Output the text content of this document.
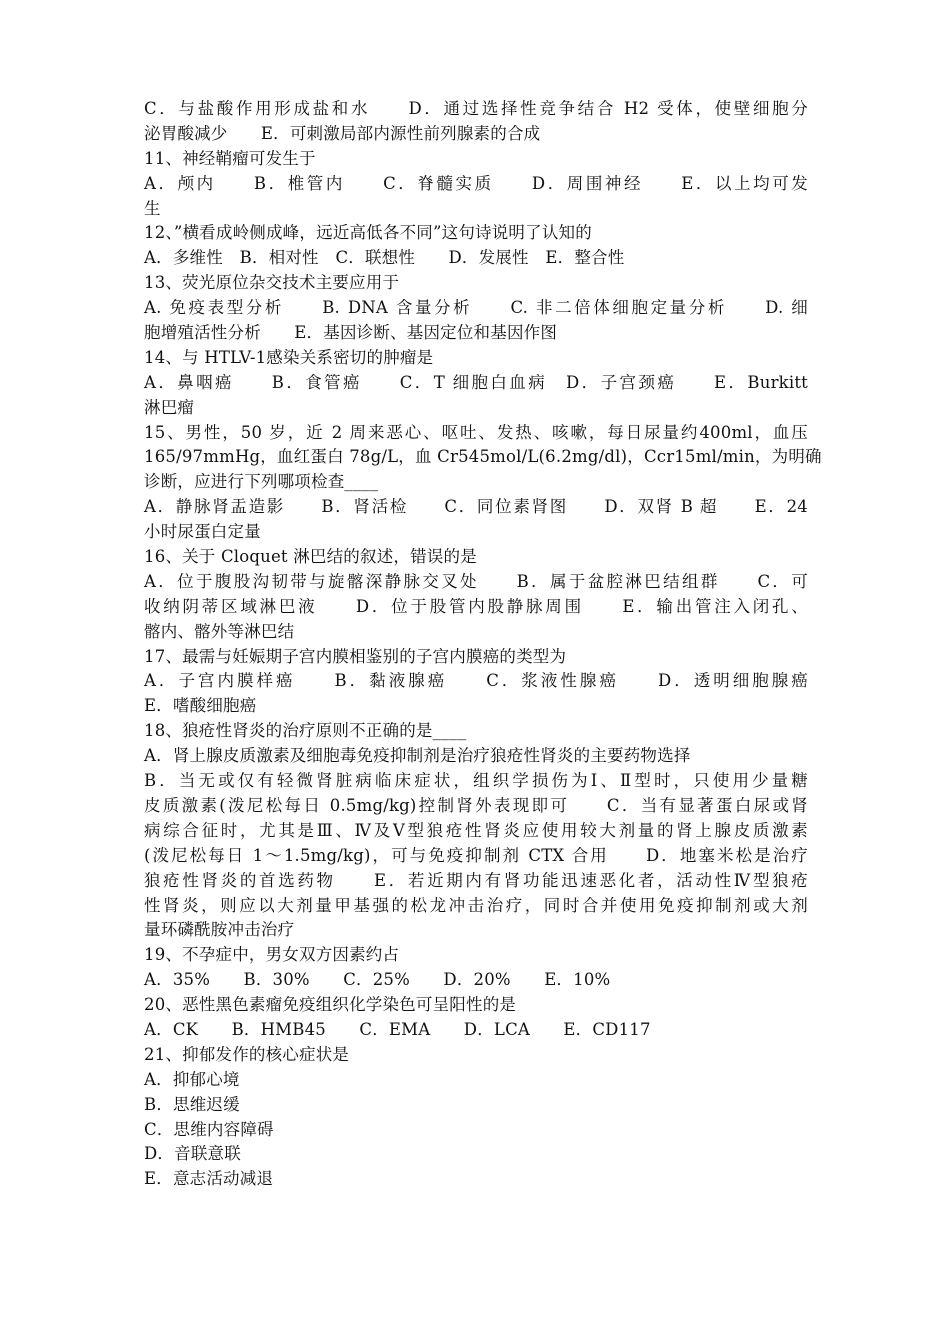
C．与盐酸作用形成盐和水　　D．通过选择性竞争结合 H2 受体，使壁细胞分
泌胃酸减少　　E．可刺激局部内源性前列腺素的合成
11、神经鞘瘤可发生于
A．颅内　　B．椎管内　　C．脊髓实质　　D．周围神经　　E．以上均可发
生
12、”横看成岭侧成峰，远近高低各不同”这句诗说明了认知的
A．多维性　B．相对性　C．联想性　　D．发展性　E．整合性
13、荧光原位杂交技术主要应用于
A. 免疫表型分析　　B. DNA 含量分析　　C. 非二倍体细胞定量分析　　D. 细
胞增殖活性分析　　E．基因诊断、基因定位和基因作图
14、与 HTLV-1感染关系密切的肿瘤是
A．鼻咽癌　　B．食管癌　　C．T 细胞白血病　D．子宫颈癌　　E．Burkitt
淋巴瘤
15、男性，50 岁，近 2 周来恶心、呕吐、发热、咳嗽，每日尿量约400ml，血压
165/97mmHg，血红蛋白 78g/L，血 Cr545mol/L(6.2mg/dl)，Ccr15ml/min，为明确
诊断，应进行下列哪项检查____
A．静脉肾盂造影　　B．肾活检　　C．同位素肾图　　D．双肾 B 超　　E．24
小时尿蛋白定量
16、关于 Cloquet 淋巴结的叙述，错误的是
A．位于腹股沟韧带与旋髂深静脉交叉处　　B．属于盆腔淋巴结组群　　C．可
收纳阴蒂区域淋巴液　　D．位于股管内股静脉周围　　E．输出管注入闭孔、
髂内、髂外等淋巴结
17、最需与妊娠期子宫内膜相鉴别的子宫内膜癌的类型为
A．子宫内膜样癌　　B．黏液腺癌　　C．浆液性腺癌　　D．透明细胞腺癌
E．嗜酸细胞癌
18、狼疮性肾炎的治疗原则不正确的是____
A．肾上腺皮质激素及细胞毒免疫抑制剂是治疗狼疮性肾炎的主要药物选择
B．当无或仅有轻微肾脏病临床症状，组织学损伤为Ⅰ、Ⅱ型时，只使用少量糖
皮质激素(泼尼松每日 0.5mg/kg)控制肾外表现即可　　C．当有显著蛋白尿或肾
病综合征时，尤其是Ⅲ、Ⅳ及Ⅴ型狼疮性肾炎应使用较大剂量的肾上腺皮质激素
(泼尼松每日 1～1.5mg/kg)，可与免疫抑制剂 CTX 合用　　D．地塞米松是治疗
狼疮性肾炎的首选药物　　E．若近期内有肾功能迅速恶化者，活动性Ⅳ型狼疮
性肾炎，则应以大剂量甲基强的松龙冲击治疗，同时合并使用免疫抑制剂或大剂
量环磷酰胺冲击治疗
19、不孕症中，男女双方因素约占
A．35%　　B．30%　　C．25%　　D．20%　　E．10%
20、恶性黑色素瘤免疫组织化学染色可呈阳性的是
A．CK　　B．HMB45　　C．EMA　　D．LCA　　E．CD117
21、抑郁发作的核心症状是
A．抑郁心境
B．思维迟缓
C．思维内容障碍
D．音联意联
E．意志活动减退
